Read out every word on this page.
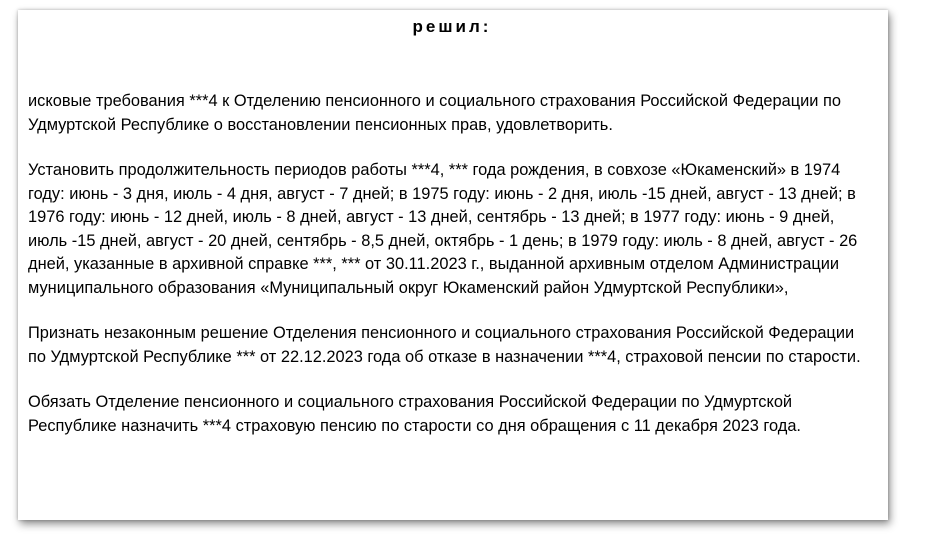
решил:

исковые требования ***4 к Отделению пенсионного и социального страхования Российской Федерации по Удмуртской Республике о восстановлении пенсионных прав, удовлетворить.

Установить продолжительность периодов работы ***4, *** года рождения, в совхозе «Юкаменский» в 1974 году: июнь - 3 дня, июль - 4 дня, август - 7 дней; в 1975 году: июнь - 2 дня, июль -15 дней, август - 13 дней; в 1976 году: июнь - 12 дней, июль - 8 дней, август - 13 дней, сентябрь - 13 дней; в 1977 году: июнь - 9 дней, июль -15 дней, август - 20 дней, сентябрь - 8,5 дней, октябрь - 1 день; в 1979 году: июль - 8 дней, август - 26 дней, указанные в архивной справке ***, *** от 30.11.2023 г., выданной архивным отделом Администрации муниципального образования «Муниципальный округ Юкаменский район Удмуртской Республики»,

Признать незаконным решение Отделения пенсионного и социального страхования Российской Федерации по Удмуртской Республике *** от 22.12.2023 года об отказе в назначении ***4, страховой пенсии по старости.

Обязать Отделение пенсионного и социального страхования Российской Федерации по Удмуртской Республике назначить ***4 страховую пенсию по старости со дня обращения с 11 декабря 2023 года.
